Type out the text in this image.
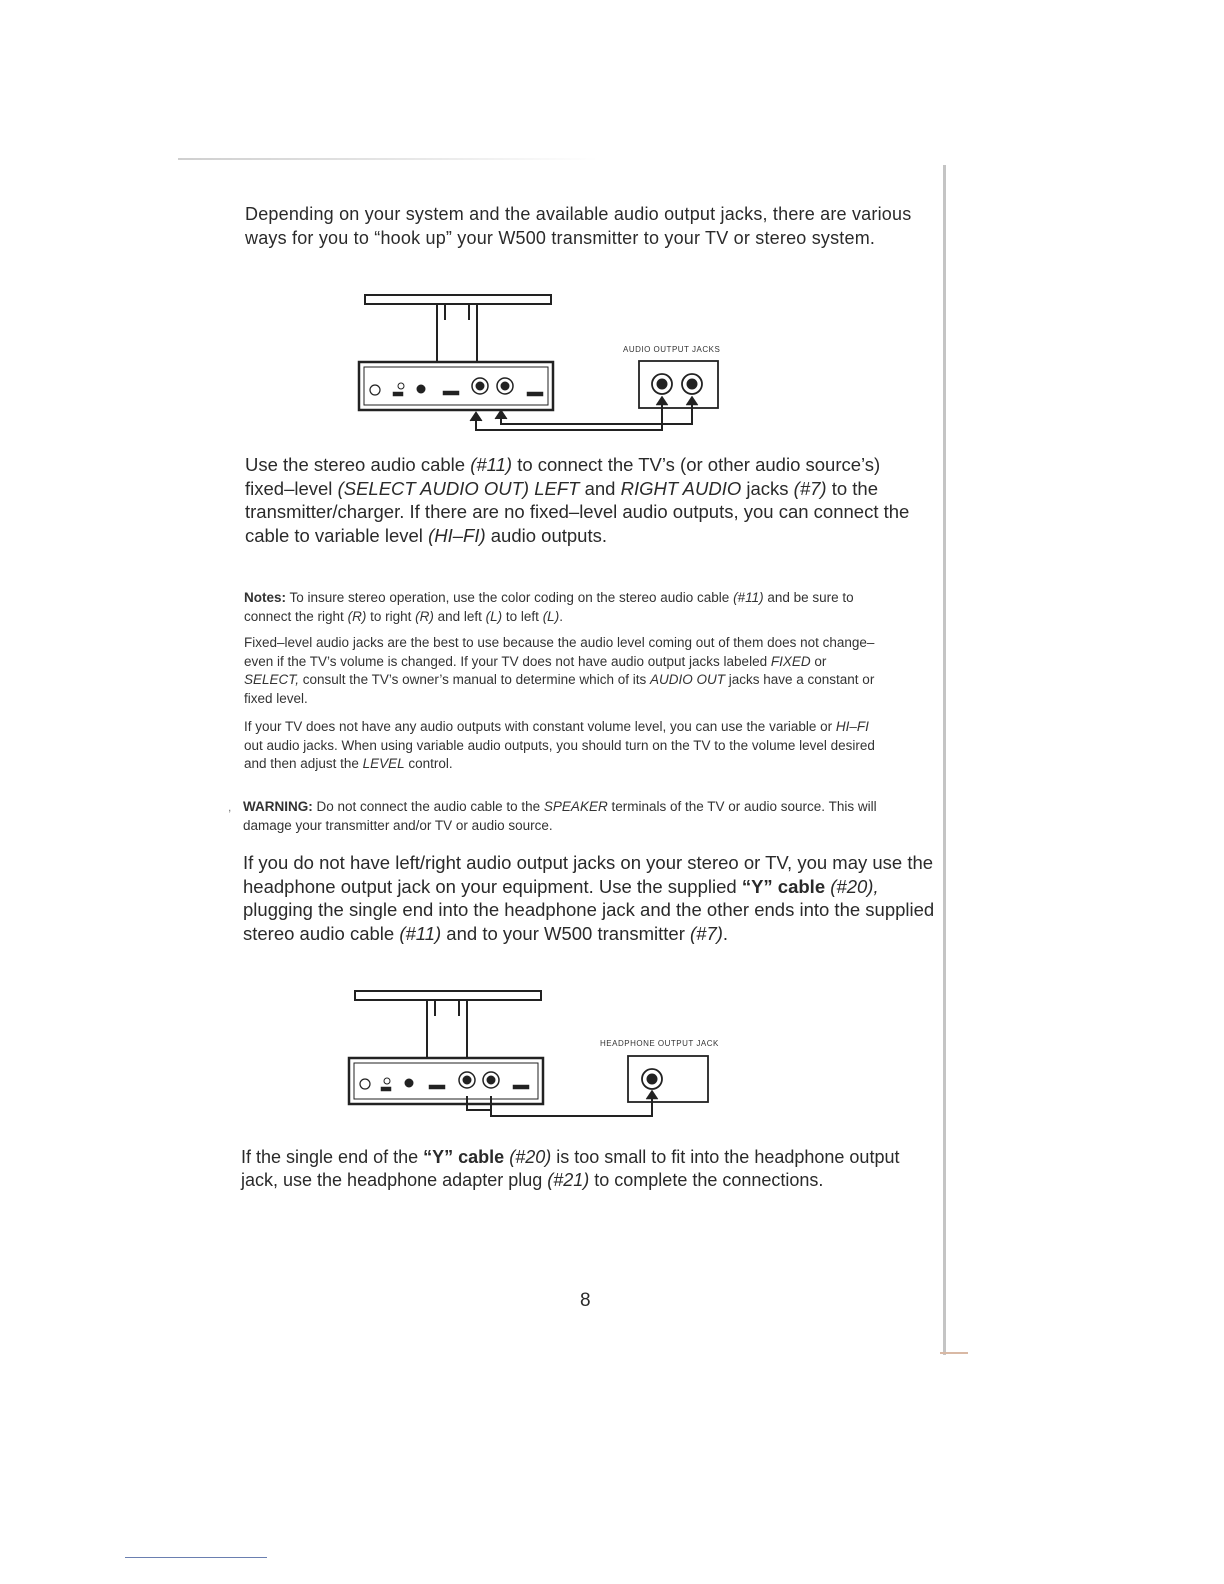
Depending on your system and the available audio output jacks, there are various ways for you to “hook up” your W500 transmitter to your TV or stereo system.

AUDIO OUTPUT JACKS

Use the stereo audio cable (#11) to connect the TV’s (or other audio source’s) fixed–level (SELECT AUDIO OUT) LEFT and RIGHT AUDIO jacks (#7) to the transmitter/charger. If there are no fixed–level audio outputs, you can connect the cable to variable level (HI–FI) audio outputs.

Notes: To insure stereo operation, use the color coding on the stereo audio cable (#11) and be sure to connect the right (R) to right (R) and left (L) to left (L).

Fixed–level audio jacks are the best to use because the audio level coming out of them does not change–even if the TV’s volume is changed. If your TV does not have audio output jacks labeled FIXED or SELECT, consult the TV’s owner’s manual to determine which of its AUDIO OUT jacks have a constant or fixed level.

If your TV does not have any audio outputs with constant volume level, you can use the variable or HI–FI out audio jacks. When using variable audio outputs, you should turn on the TV to the volume level desired and then adjust the LEVEL control.

, WARNING: Do not connect the audio cable to the SPEAKER terminals of the TV or audio source. This will damage your transmitter and/or TV or audio source.

If you do not have left/right audio output jacks on your stereo or TV, you may use the headphone output jack on your equipment. Use the supplied “Y” cable (#20), plugging the single end into the headphone jack and the other ends into the supplied stereo audio cable (#11) and to your W500 transmitter (#7).

HEADPHONE OUTPUT JACK

If the single end of the “Y” cable (#20) is too small to fit into the headphone output jack, use the headphone adapter plug (#21) to complete the connections.

8
